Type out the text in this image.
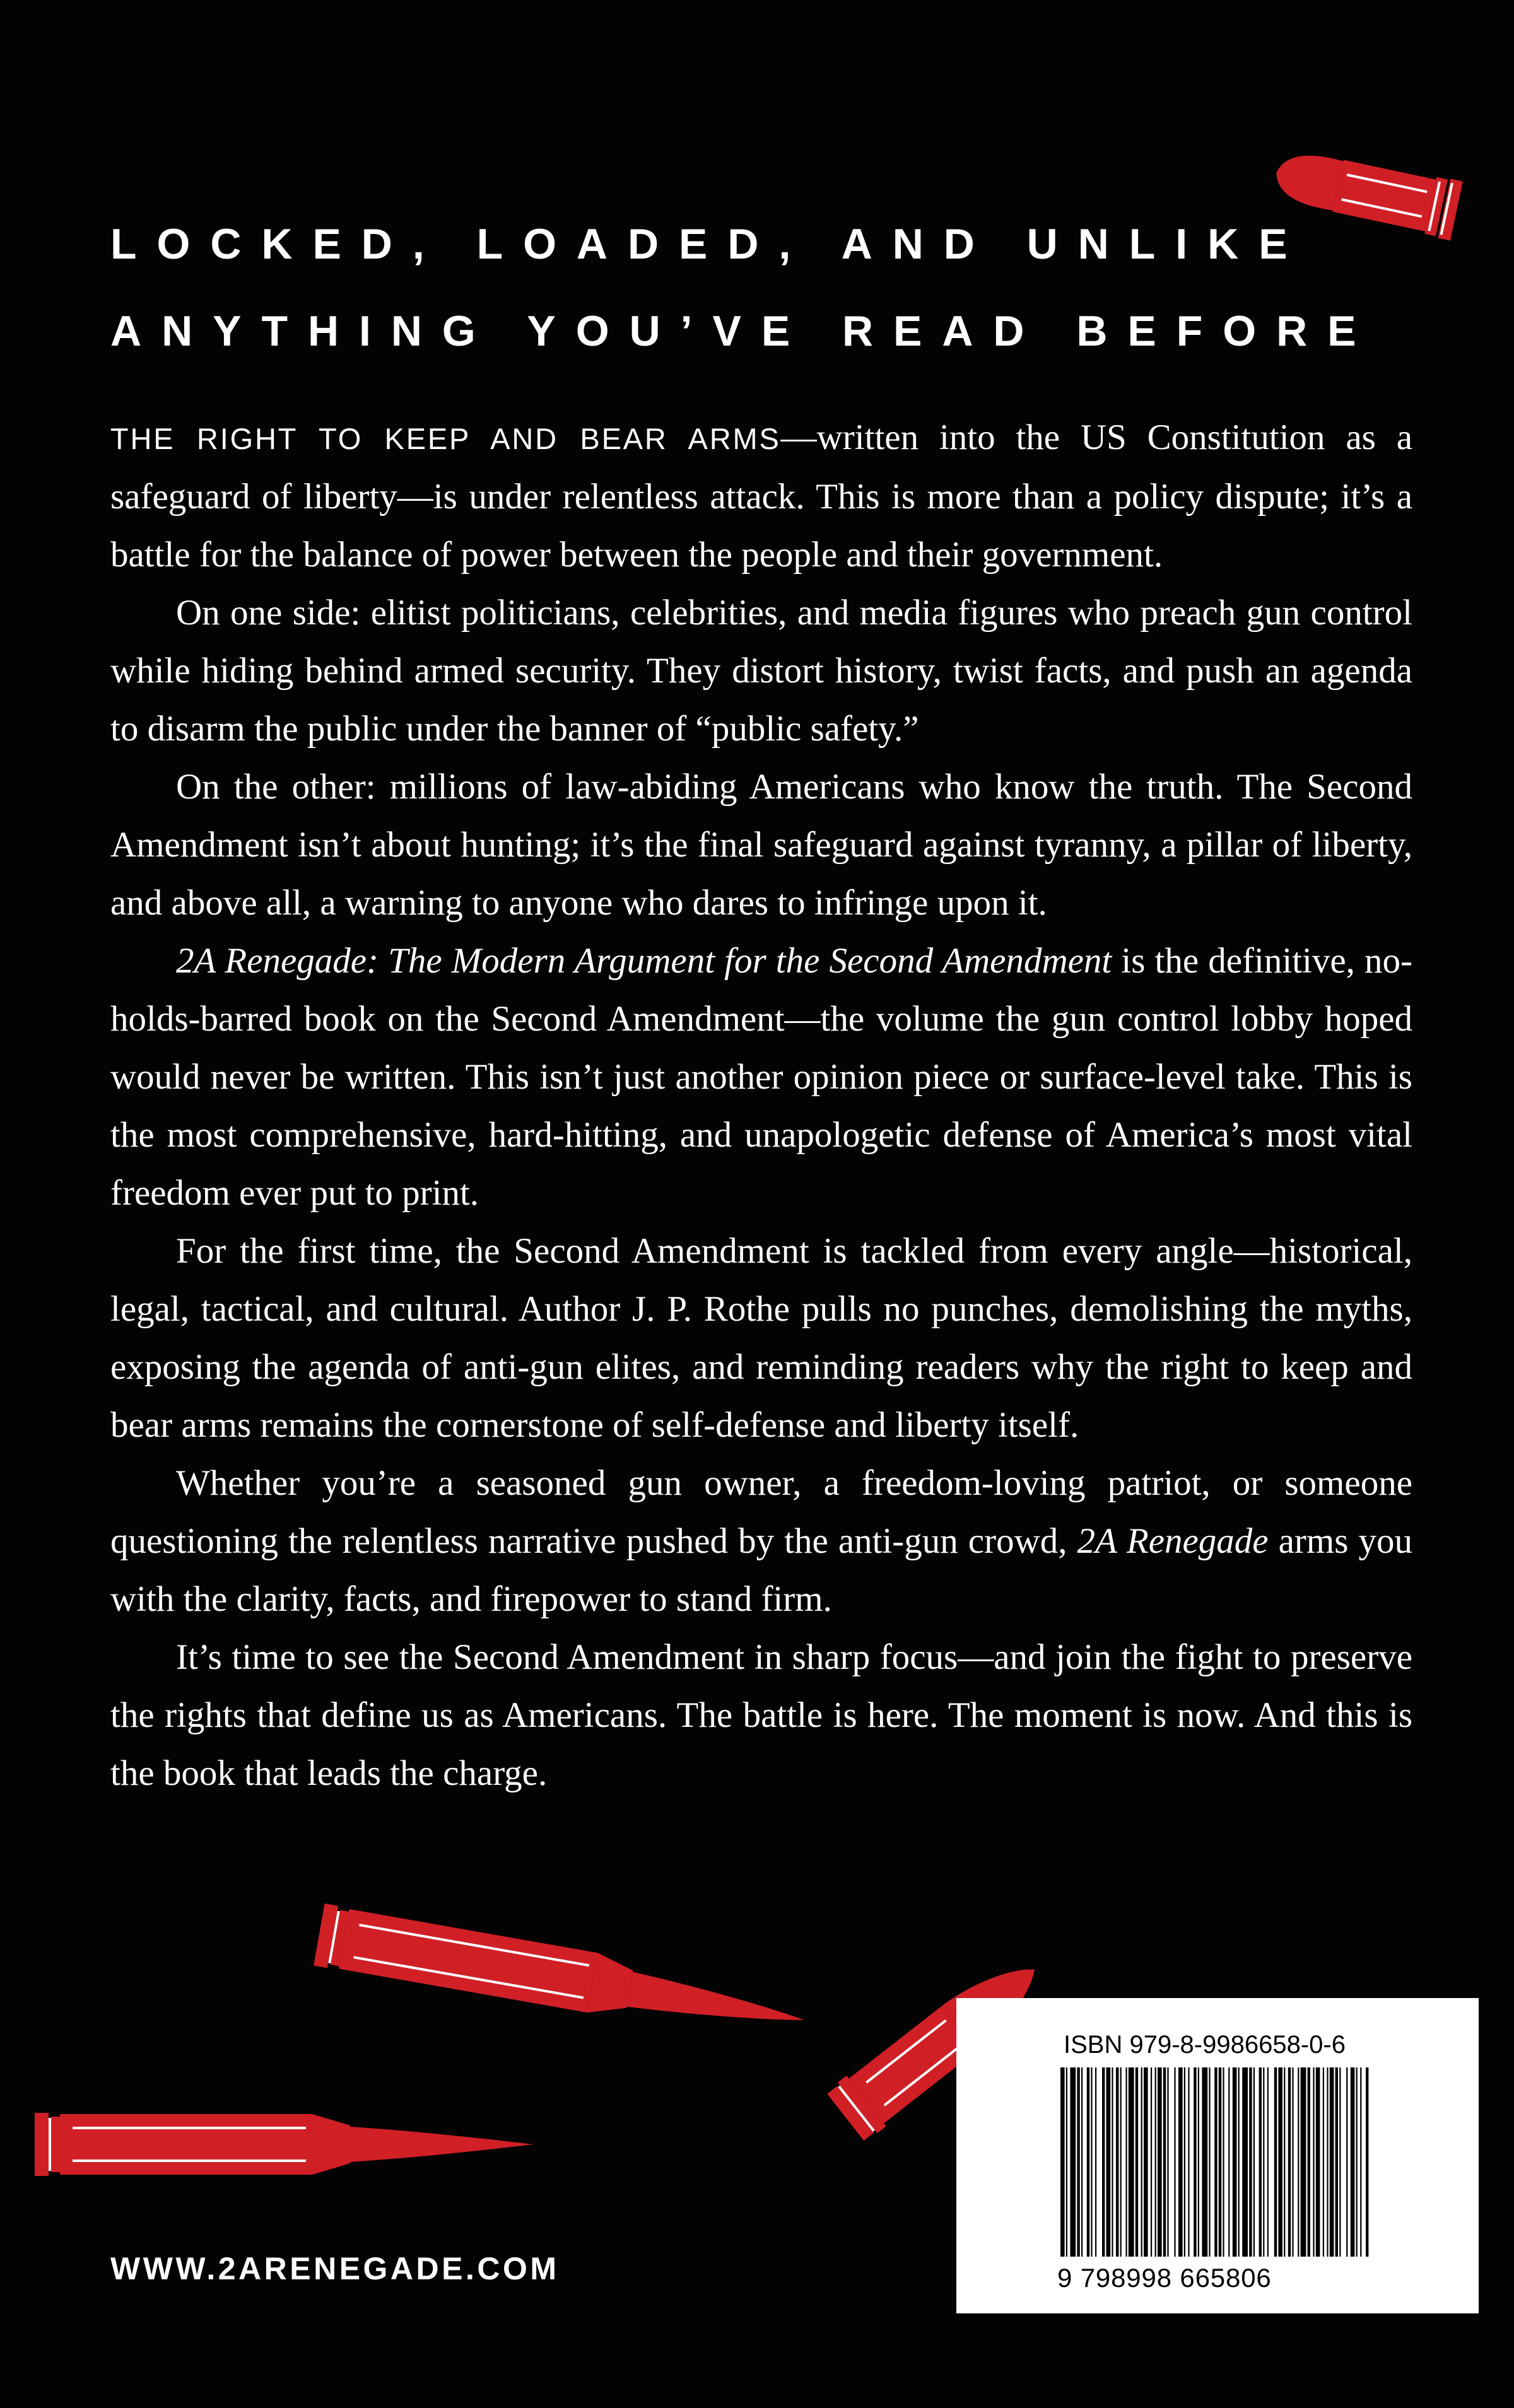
LOCKED, LOADED, AND UNLIKE
ANYTHING YOU’VE READ BEFORE

THE RIGHT TO KEEP AND BEAR ARMS—written into the US Constitution as a safeguard of liberty—is under relentless attack. This is more than a policy dispute; it’s a battle for the balance of power between the people and their government.

On one side: elitist politicians, celebrities, and media figures who preach gun control while hiding behind armed security. They distort history, twist facts, and push an agenda to disarm the public under the banner of “public safety.”

On the other: millions of law-abiding Americans who know the truth. The Second Amendment isn’t about hunting; it’s the final safeguard against tyranny, a pillar of liberty, and above all, a warning to anyone who dares to infringe upon it.

2A Renegade: The Modern Argument for the Second Amendment is the definitive, no-holds-barred book on the Second Amendment—the volume the gun control lobby hoped would never be written. This isn’t just another opinion piece or surface-level take. This is the most comprehensive, hard-hitting, and unapologetic defense of America’s most vital freedom ever put to print.

For the first time, the Second Amendment is tackled from every angle—historical, legal, tactical, and cultural. Author J. P. Rothe pulls no punches, demolishing the myths, exposing the agenda of anti-gun elites, and reminding readers why the right to keep and bear arms remains the cornerstone of self-defense and liberty itself.

Whether you’re a seasoned gun owner, a freedom-loving patriot, or someone questioning the relentless narrative pushed by the anti-gun crowd, 2A Renegade arms you with the clarity, facts, and firepower to stand firm.

It’s time to see the Second Amendment in sharp focus—and join the fight to preserve the rights that define us as Americans. The battle is here. The moment is now. And this is the book that leads the charge.

WWW.2ARENEGADE.COM
ISBN 979-8-9986658-0-6
9 798998 665806
